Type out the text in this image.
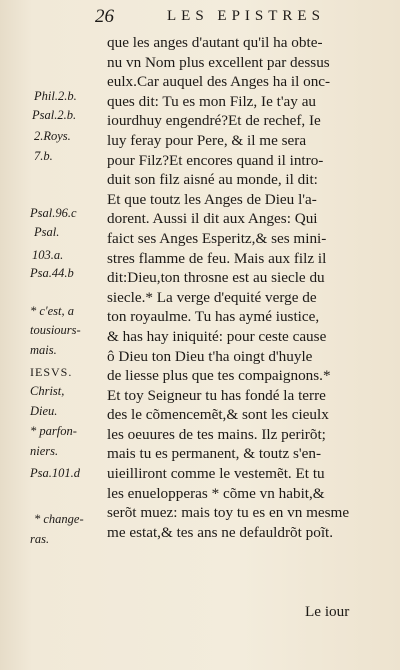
26	LES EPISTRES
Phil.2.b.
Psal.2.b.
2.Roys.
7.b.
Psal.96.c
Psal.
103.a.
Psa.44.b
* c'est, a
tousiours-
mais.
IESVS.
Christ,
Dieu.
* parfon-
niers.
Psa.101.d
* change-
ras.
que les anges d'autant qu'il ha obte-
nu vn Nom plus excellent par dessus
eulx.Car auquel des Anges ha il onc-
ques dit: Tu es mon Filz, Ie t'ay au
iourdhuy engendré?Et de rechef, Ie
luy feray pour Pere, & il me sera
pour Filz?Et encores quand il intro-
duit son filz aisné au monde, il dit:
Et que toutz les Anges de Dieu l'a-
dorent. Aussi il dit aux Anges: Qui
faict ses Anges Esperitz,& ses mini-
stres flamme de feu. Mais aux filz il
dit:Dieu,ton throsne est au siecle du
siecle.* La verge d'equité verge de
ton royaulme. Tu has aymé iustice,
& has hay iniquité: pour ceste cause
ô Dieu ton Dieu t'ha oingt d'huyle
de liesse plus que tes compaignons.*
Et toy Seigneur tu has fondé la terre
des le cõmencemẽt,& sont les cieulx
les oeuures de tes mains. Ilz perirõt;
mais tu es permanent, & toutz s'en-
uieilliront comme le vestemẽt. Et tu
les enuelopperas * cõme vn habit,&
serõt muez: mais toy tu es en vn mesme
me estat,& tes ans ne defauldrõt poĩt.
Le iour
